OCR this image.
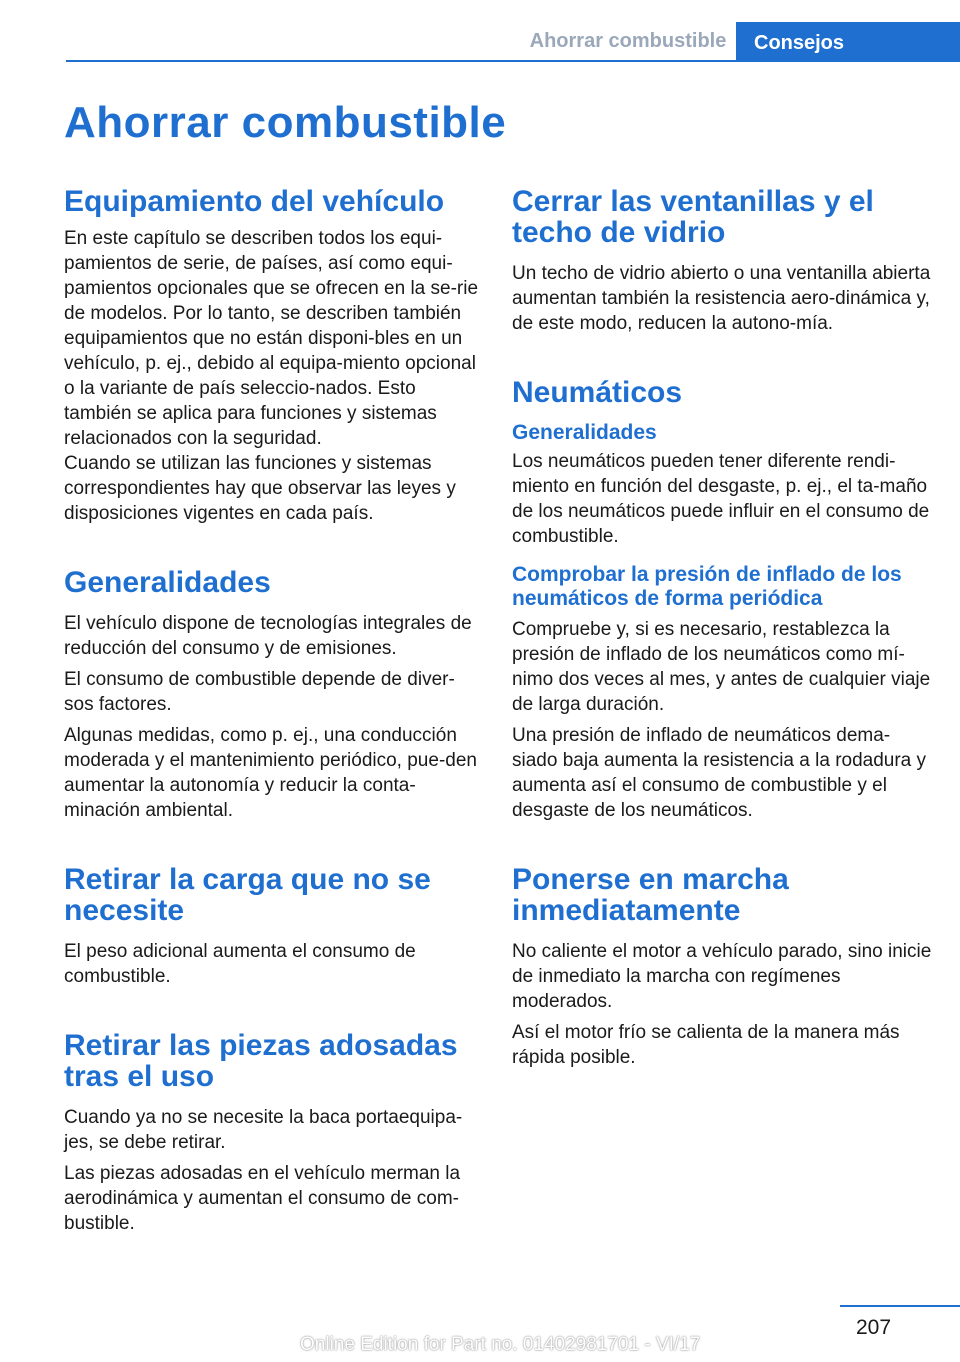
Ahorrar combustible	Consejos
Ahorrar combustible
Equipamiento del vehículo

En este capítulo se describen todos los equi‐pamientos de serie, de países, así como equi‐pamientos opcionales que se ofrecen en la se‐rie de modelos. Por lo tanto, se describen también equipamientos que no están disponi‐bles en un vehículo, p. ej., debido al equipa‐miento opcional o la variante de país seleccio‐nados. Esto también se aplica para funciones y sistemas relacionados con la seguridad.

Cuando se utilizan las funciones y sistemas correspondientes hay que observar las leyes y disposiciones vigentes en cada país.

Generalidades

El vehículo dispone de tecnologías integrales de reducción del consumo y de emisiones.

El consumo de combustible depende de diver‐sos factores.

Algunas medidas, como p. ej., una conducción moderada y el mantenimiento periódico, pue‐den aumentar la autonomía y reducir la conta‐minación ambiental.

Retirar la carga que no se necesite

El peso adicional aumenta el consumo de combustible.

Retirar las piezas adosadas tras el uso

Cuando ya no se necesite la baca portaequipa‐jes, se debe retirar.

Las piezas adosadas en el vehículo merman la aerodinámica y aumentan el consumo de com‐bustible.

Cerrar las ventanillas y el techo de vidrio

Un techo de vidrio abierto o una ventanilla abierta aumentan también la resistencia aero‐dinámica y, de este modo, reducen la autono‐mía.

Neumáticos
Generalidades

Los neumáticos pueden tener diferente rendi‐miento en función del desgaste, p. ej., el ta‐maño de los neumáticos puede influir en el consumo de combustible.

Comprobar la presión de inflado de los neumáticos de forma periódica

Compruebe y, si es necesario, restablezca la presión de inflado de los neumáticos como mí‐nimo dos veces al mes, y antes de cualquier viaje de larga duración.

Una presión de inflado de neumáticos dema‐siado baja aumenta la resistencia a la rodadura y aumenta así el consumo de combustible y el desgaste de los neumáticos.

Ponerse en marcha inmediatamente

No caliente el motor a vehículo parado, sino inicie de inmediato la marcha con regímenes moderados.

Así el motor frío se calienta de la manera más rápida posible.

207
Online Edition for Part no. 01402981701 - VI/17
